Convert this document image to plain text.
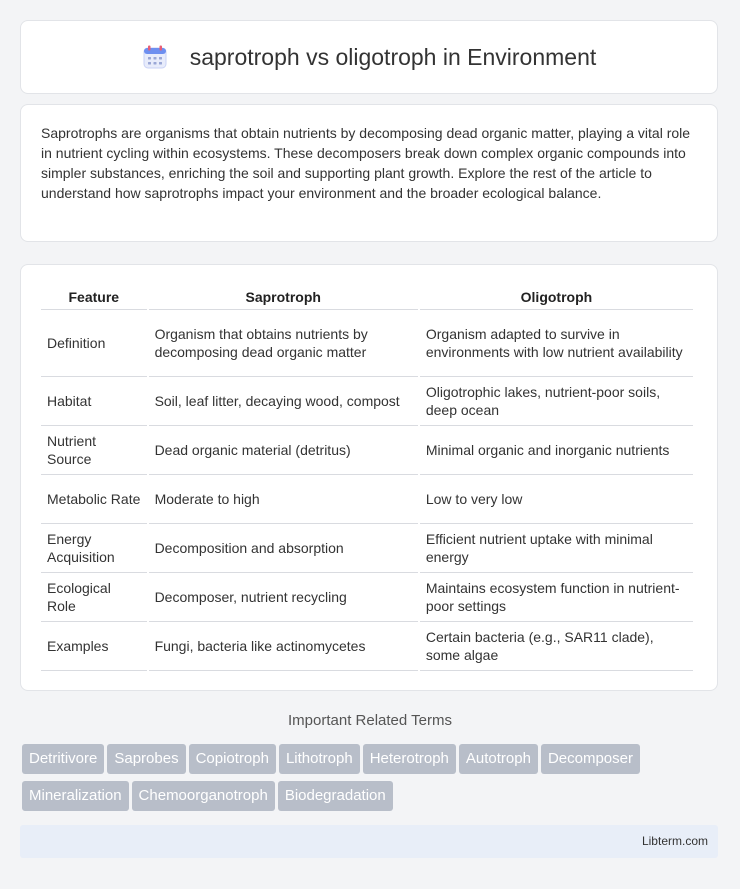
saprotroph vs oligotroph in Environment

Saprotrophs are organisms that obtain nutrients by decomposing dead organic matter, playing a vital role in nutrient cycling within ecosystems. These decomposers break down complex organic compounds into simpler substances, enriching the soil and supporting plant growth. Explore the rest of the article to understand how saprotrophs impact your environment and the broader ecological balance.

Feature	Saprotroph	Oligotroph
Definition	Organism that obtains nutrients by decomposing dead organic matter	Organism adapted to survive in environments with low nutrient availability
Habitat	Soil, leaf litter, decaying wood, compost	Oligotrophic lakes, nutrient-poor soils, deep ocean
Nutrient Source	Dead organic material (detritus)	Minimal organic and inorganic nutrients
Metabolic Rate	Moderate to high	Low to very low
Energy Acquisition	Decomposition and absorption	Efficient nutrient uptake with minimal energy
Ecological Role	Decomposer, nutrient recycling	Maintains ecosystem function in nutrient-poor settings
Examples	Fungi, bacteria like actinomycetes	Certain bacteria (e.g., SAR11 clade), some algae
Important Related Terms
Detritivore Saprobes Copiotroph Lithotroph Heterotroph Autotroph DecomposerMineralization Chemoorganotroph Biodegradation
Libterm.com
